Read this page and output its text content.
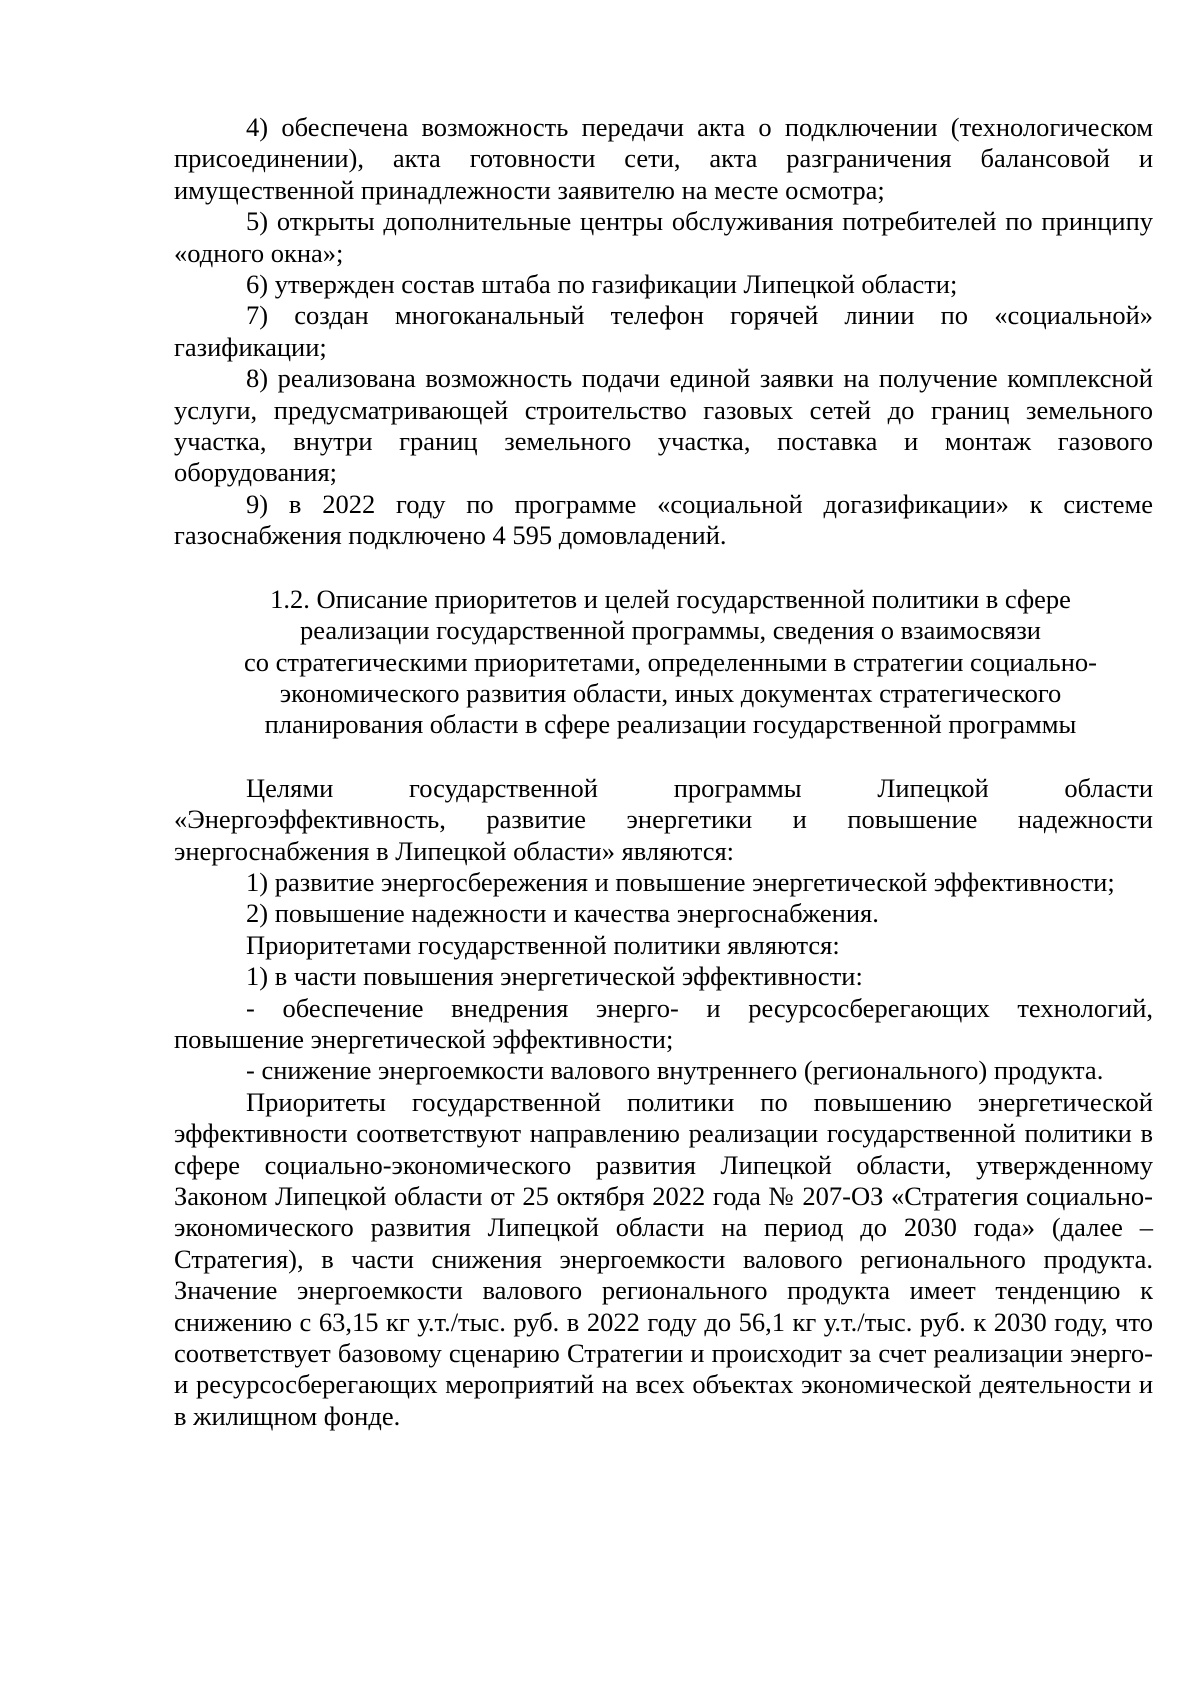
4) обеспечена возможность передачи акта о подключении (технологическом присоединении), акта готовности сети, акта разграничения балансовой и имущественной принадлежности заявителю на месте осмотра;

5) открыты дополнительные центры обслуживания потребителей по принципу «одного окна»;

6) утвержден состав штаба по газификации Липецкой области;

7) создан многоканальный телефон горячей линии по «социальной» газификации;

8) реализована возможность подачи единой заявки на получение комплексной услуги, предусматривающей строительство газовых сетей до границ земельного участка, внутри границ земельного участка, поставка и монтаж газового оборудования;

9) в 2022 году по программе «социальной догазификации» к системе газоснабжения подключено 4 595 домовладений.

1.2. Описание приоритетов и целей государственной политики в сфере
реализации государственной программы, сведения о взаимосвязи
со стратегическими приоритетами, определенными в стратегии социально-
экономического развития области, иных документах стратегического
планирования области в сфере реализации государственной программы

Целями государственной программы Липецкой области «Энергоэффективность, развитие энергетики и повышение надежности энергоснабжения в Липецкой области» являются:

1) развитие энергосбережения и повышение энергетической эффективности;

2) повышение надежности и качества энергоснабжения.

Приоритетами государственной политики являются:

1) в части повышения энергетической эффективности:

- обеспечение внедрения энерго- и ресурсосберегающих технологий, повышение энергетической эффективности;

- снижение энергоемкости валового внутреннего (регионального) продукта.

Приоритеты государственной политики по повышению энергетической эффективности соответствуют направлению реализации государственной политики в сфере социально-экономического развития Липецкой области, утвержденному Законом Липецкой области от 25 октября 2022 года № 207-ОЗ «Стратегия социально-экономического развития Липецкой области на период до 2030 года» (далее – Стратегия), в части снижения энергоемкости валового регионального продукта. Значение энергоемкости валового регионального продукта имеет тенденцию к снижению с 63,15 кг у.т./тыс. руб. в 2022 году до 56,1 кг у.т./тыс. руб. к 2030 году, что соответствует базовому сценарию Стратегии и происходит за счет реализации энерго- и ресурсосберегающих мероприятий на всех объектах экономической деятельности и в жилищном фонде.
